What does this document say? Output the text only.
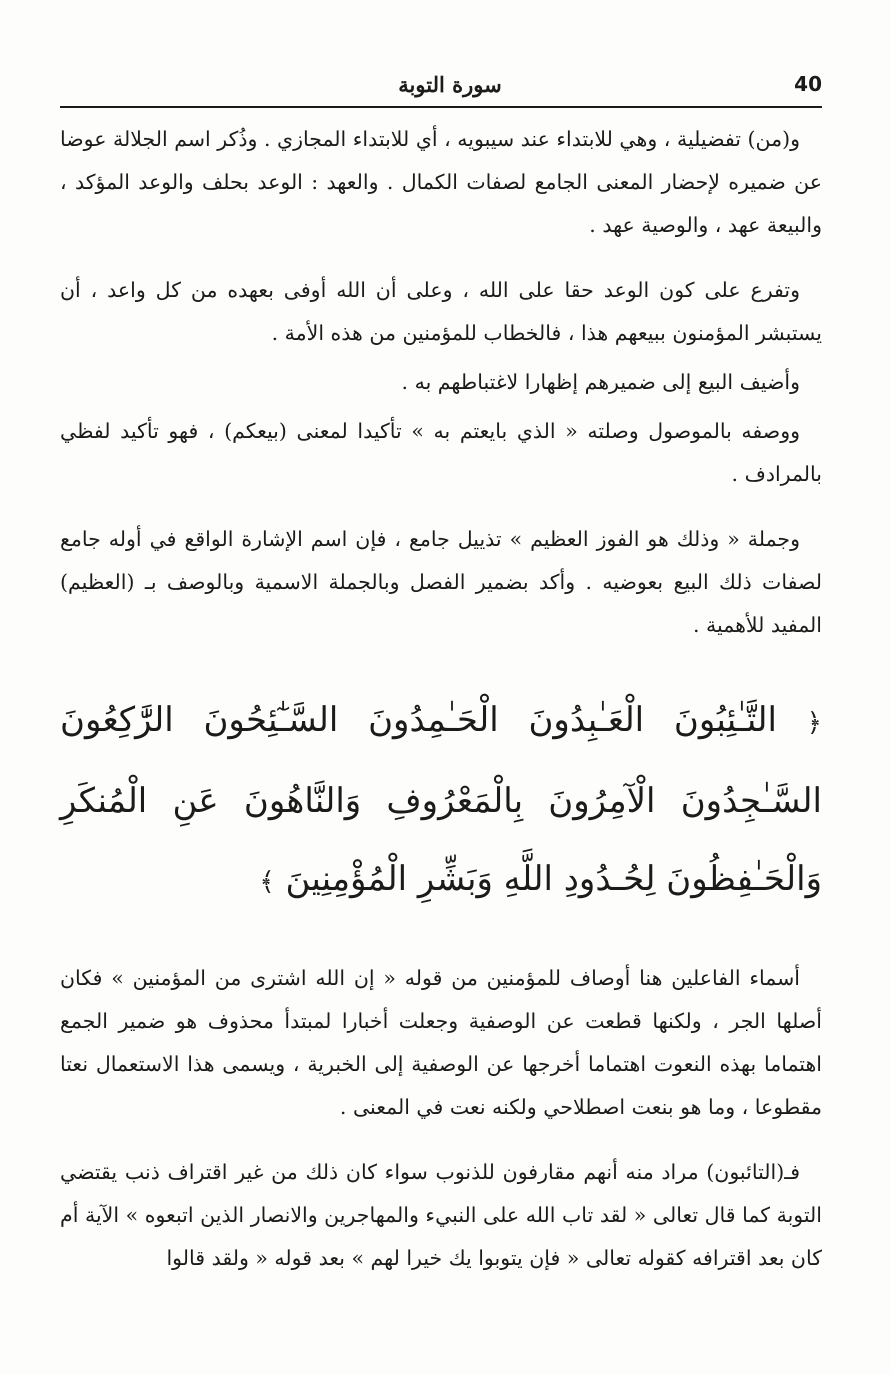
40
سورة التوبة

و(من) تفضيلية ، وهي للابتداء عند سيبويه ، أي للابتداء المجازي . وذُكر اسم الجلالة عوضا عن ضميره لإحضار المعنى الجامع لصفات الكمال . والعهد : الوعد بحلف والوعد المؤكد ، والبيعة عهد ، والوصية عهد .

وتفرع على كون الوعد حقا على الله ، وعلى أن الله أوفى بعهده من كل واعد ، أن يستبشر المؤمنون ببيعهم هذا ، فالخطاب للمؤمنين من هذه الأمة .

وأضيف البيع إلى ضميرهم إظهارا لاغتباطهم به .

ووصفه بالموصول وصلته « الذي بايعتم به » تأكيدا لمعنى (بيعكم) ، فهو تأكيد لفظي بالمرادف .

وجملة « وذلك هو الفوز العظيم » تذييل جامع ، فإن اسم الإشارة الواقع في أوله جامع لصفات ذلك البيع بعوضيه . وأكد بضمير الفصل وبالجملة الاسمية وبالوصف بـ (العظيم) المفيد للأهمية .

﴿ التَّـٰئِبُونَ الْعَـٰبِدُونَ الْحَـٰمِدُونَ السَّـٰٓئِحُونَ الرَّٰكِعُونَ السَّـٰجِدُونَ الْآمِرُونَ بِالْمَعْرُوفِ وَالنَّاهُونَ عَنِ الْمُنكَرِ وَالْحَـٰفِظُونَ لِحُـدُودِ اللَّهِ وَبَشِّرِ الْمُؤْمِنِينَ ﴾

أسماء الفاعلين هنا أوصاف للمؤمنين من قوله « إن الله اشترى من المؤمنين » فكان أصلها الجر ، ولكنها قطعت عن الوصفية وجعلت أخبارا لمبتدأ محذوف هو ضمير الجمع اهتماما بهذه النعوت اهتماما أخرجها عن الوصفية إلى الخبرية ، ويسمى هذا الاستعمال نعتا مقطوعا ، وما هو بنعت اصطلاحي ولكنه نعت في المعنى .

فـ(التائبون) مراد منه أنهم مقارفون للذنوب سواء كان ذلك من غير اقتراف ذنب يقتضي التوبة كما قال تعالى « لقد تاب الله على النبيء والمهاجرين والانصار الذين اتبعوه » الآية أم كان بعد اقترافه كقوله تعالى « فإن يتوبوا يك خيرا لهم » بعد قوله « ولقد قالوا
